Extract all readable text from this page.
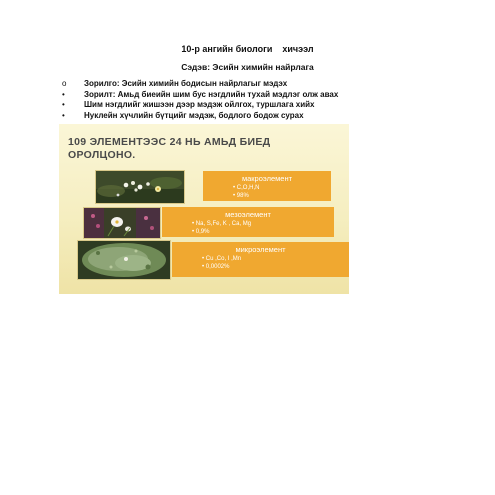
10-р ангийн биологи    хичээл
Сэдэв: Эсийн химийн найрлага
o	Зорилго: Эсийн химийн бодисын найрлагыг мэдэх
•	Зорилт: Амьд биеийн шим бус нэгдлийн тухай мэдлэг олж авах
•	Шим нэгдлийг жишээн дээр мэдэж ойлгох, туршлага хийх
•	Нуклейн хүчлийн бүтцийг мэдэж, бодлого бодож сурах
109 ЭЛЕМЕНТЭЭС 24 НЬ АМЬД БИЕД ОРОЛЦОНО.
макроэлемент
• C,O,H,N
• 98%
мезоэлемент
• Na, S,Fe, K , Ca, Mg
• 0,9%
микроэлемент
• Cu ,Co, I ,Mn
• 0,0002%
